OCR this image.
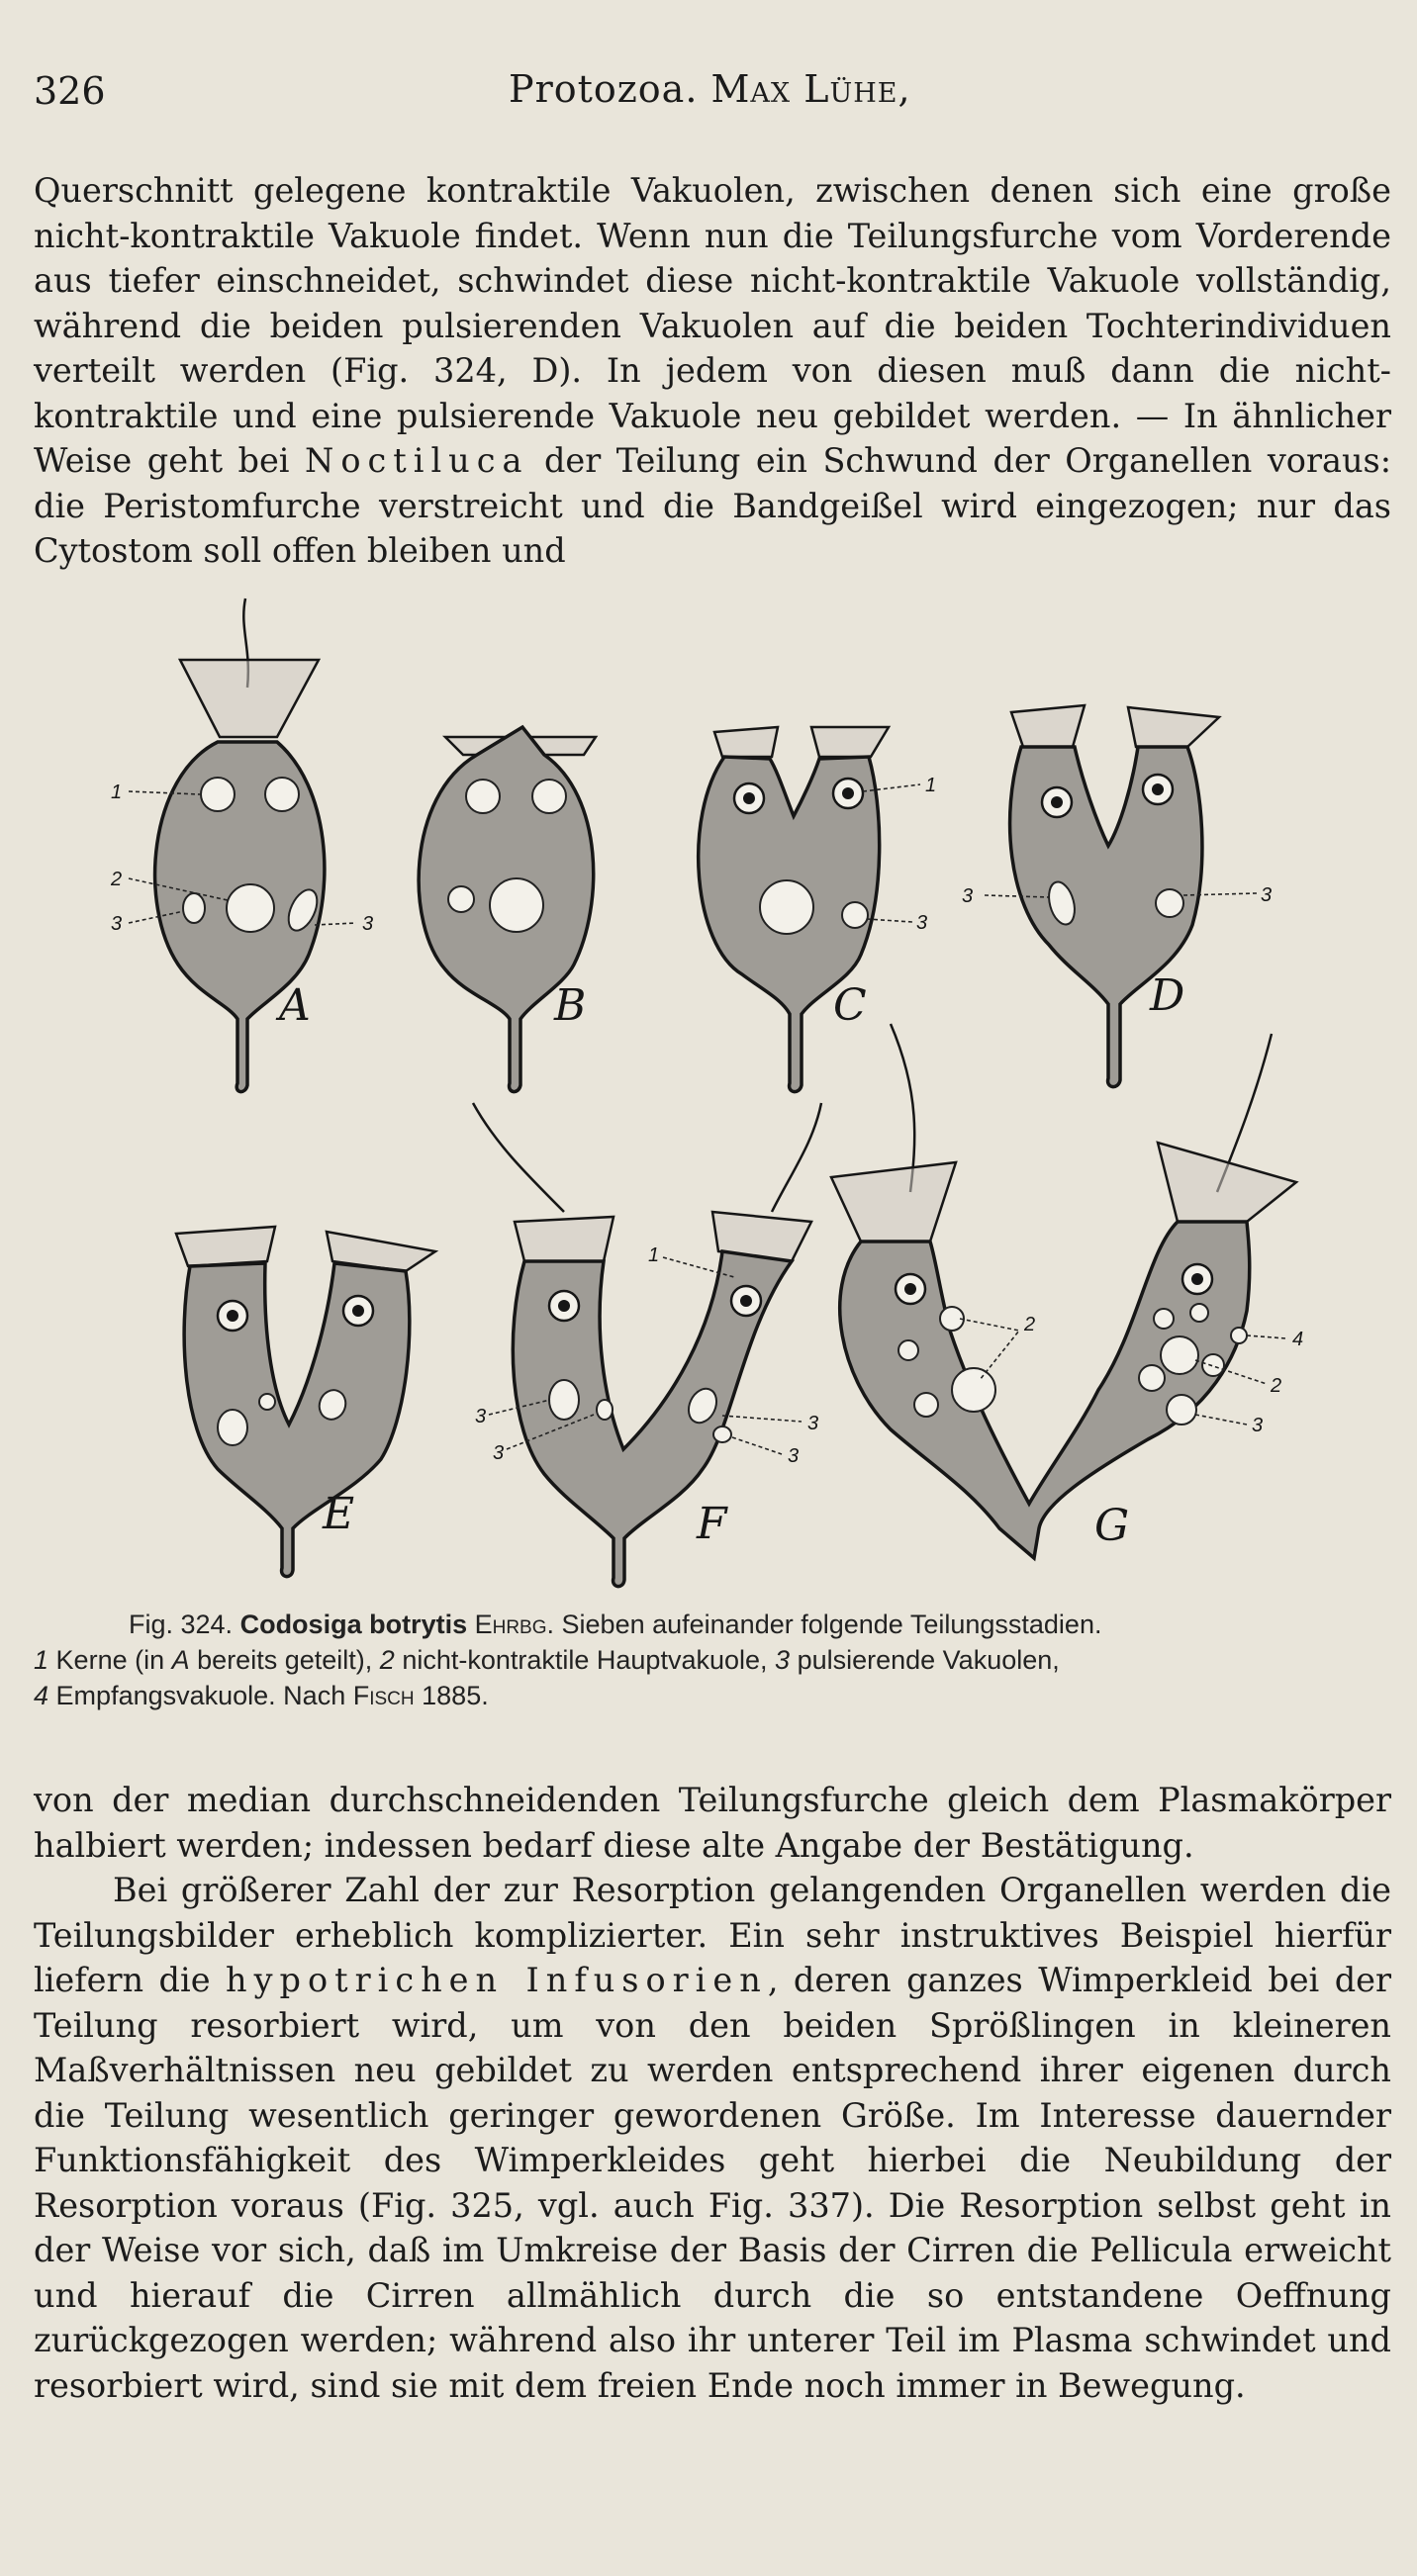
326	Protozoa. Max Lühe,

Querschnitt gelegene kontraktile Vakuolen, zwischen denen sich eine große nicht-kontraktile Vakuole findet. Wenn nun die Teilungsfurche vom Vorderende aus tiefer einschneidet, schwindet diese nicht-kontraktile Vakuole vollständig, während die beiden pulsierenden Vakuolen auf die beiden Tochterindividuen verteilt werden (Fig. 324, D). In jedem von diesen muß dann die nicht-kontraktile und eine pulsierende Vakuole neu gebildet werden. — In ähnlicher Weise geht bei Noctiluca der Teilung ein Schwund der Organellen voraus: die Peristomfurche verstreicht und die Bandgeißel wird eingezogen; nur das Cytostom soll offen bleiben und

A
1
2
3	3
B	C
1
3
D
3	3
E	F
1
3
3
3
3
G
2
4
2
3
Fig. 324. Codosiga botrytis Ehrbg. Sieben aufeinander folgende Teilungsstadien.
1 Kerne (in A bereits geteilt), 2 nicht-kontraktile Hauptvakuole, 3 pulsierende Vakuolen,
4 Empfangsvakuole. Nach Fisch 1885.

von der median durchschneidenden Teilungsfurche gleich dem Plasmakörper halbiert werden; indessen bedarf diese alte Angabe der Bestätigung.

Bei größerer Zahl der zur Resorption gelangenden Organellen werden die Teilungsbilder erheblich komplizierter. Ein sehr instruktives Beispiel hierfür liefern die hypotrichen Infusorien, deren ganzes Wimperkleid bei der Teilung resorbiert wird, um von den beiden Sprößlingen in kleineren Maßverhältnissen neu gebildet zu werden entsprechend ihrer eigenen durch die Teilung wesentlich geringer gewordenen Größe. Im Interesse dauernder Funktionsfähigkeit des Wimperkleides geht hierbei die Neubildung der Resorption voraus (Fig. 325, vgl. auch Fig. 337). Die Resorption selbst geht in der Weise vor sich, daß im Umkreise der Basis der Cirren die Pellicula erweicht und hierauf die Cirren allmählich durch die so entstandene Oeffnung zurückgezogen werden; während also ihr unterer Teil im Plasma schwindet und resorbiert wird, sind sie mit dem freien Ende noch immer in Bewegung.
